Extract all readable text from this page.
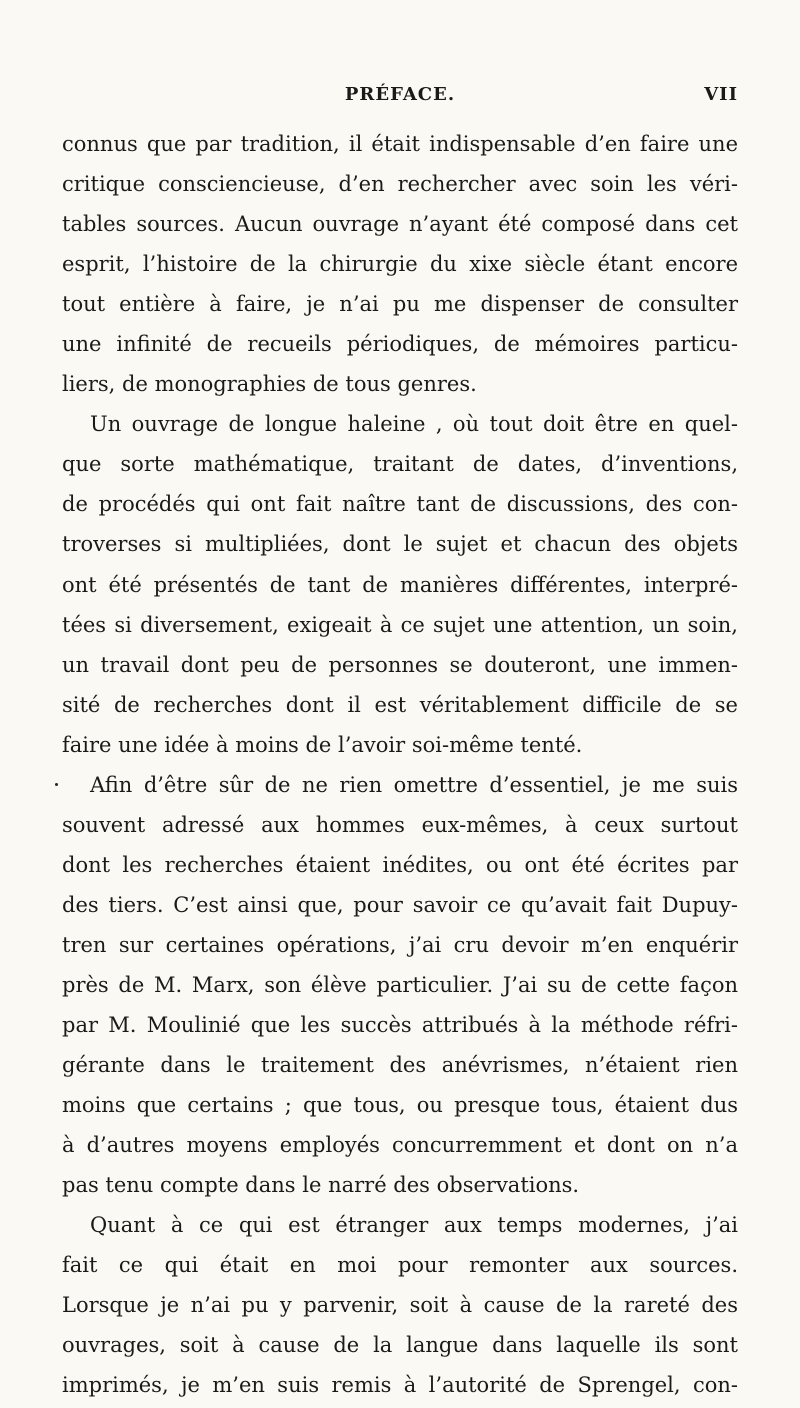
PRÉFACE.	VII
connus que par tradition, il était indispensable d’en faire une
critique consciencieuse, d’en rechercher avec soin les véri-
tables sources. Aucun ouvrage n’ayant été composé dans cet
esprit, l’histoire de la chirurgie du xixe siècle étant encore
tout entière à faire, je n’ai pu me dispenser de consulter
une infinité de recueils périodiques, de mémoires particu-
liers, de monographies de tous genres.
Un ouvrage de longue haleine , où tout doit être en quel-
que sorte mathématique, traitant de dates, d’inventions,
de procédés qui ont fait naître tant de discussions, des con-
troverses si multipliées, dont le sujet et chacun des objets
ont été présentés de tant de manières différentes, interpré-
tées si diversement, exigeait à ce sujet une attention, un soin,
un travail dont peu de personnes se douteront, une immen-
sité de recherches dont il est véritablement difficile de se
faire une idée à moins de l’avoir soi-même tenté.
Afin d’être sûr de ne rien omettre d’essentiel, je me suis
souvent adressé aux hommes eux-mêmes, à ceux surtout
dont les recherches étaient inédites, ou ont été écrites par
des tiers. C’est ainsi que, pour savoir ce qu’avait fait Dupuy-
tren sur certaines opérations, j’ai cru devoir m’en enquérir
près de M. Marx, son élève particulier. J’ai su de cette façon
par M. Moulinié que les succès attribués à la méthode réfri-
gérante dans le traitement des anévrismes, n’étaient rien
moins que certains ; que tous, ou presque tous, étaient dus
à d’autres moyens employés concurremment et dont on n’a
pas tenu compte dans le narré des observations.
Quant à ce qui est étranger aux temps modernes, j’ai
fait ce qui était en moi pour remonter aux sources.
Lorsque je n’ai pu y parvenir, soit à cause de la rareté des
ouvrages, soit à cause de la langue dans laquelle ils sont
imprimés, je m’en suis remis à l’autorité de Sprengel, con-
